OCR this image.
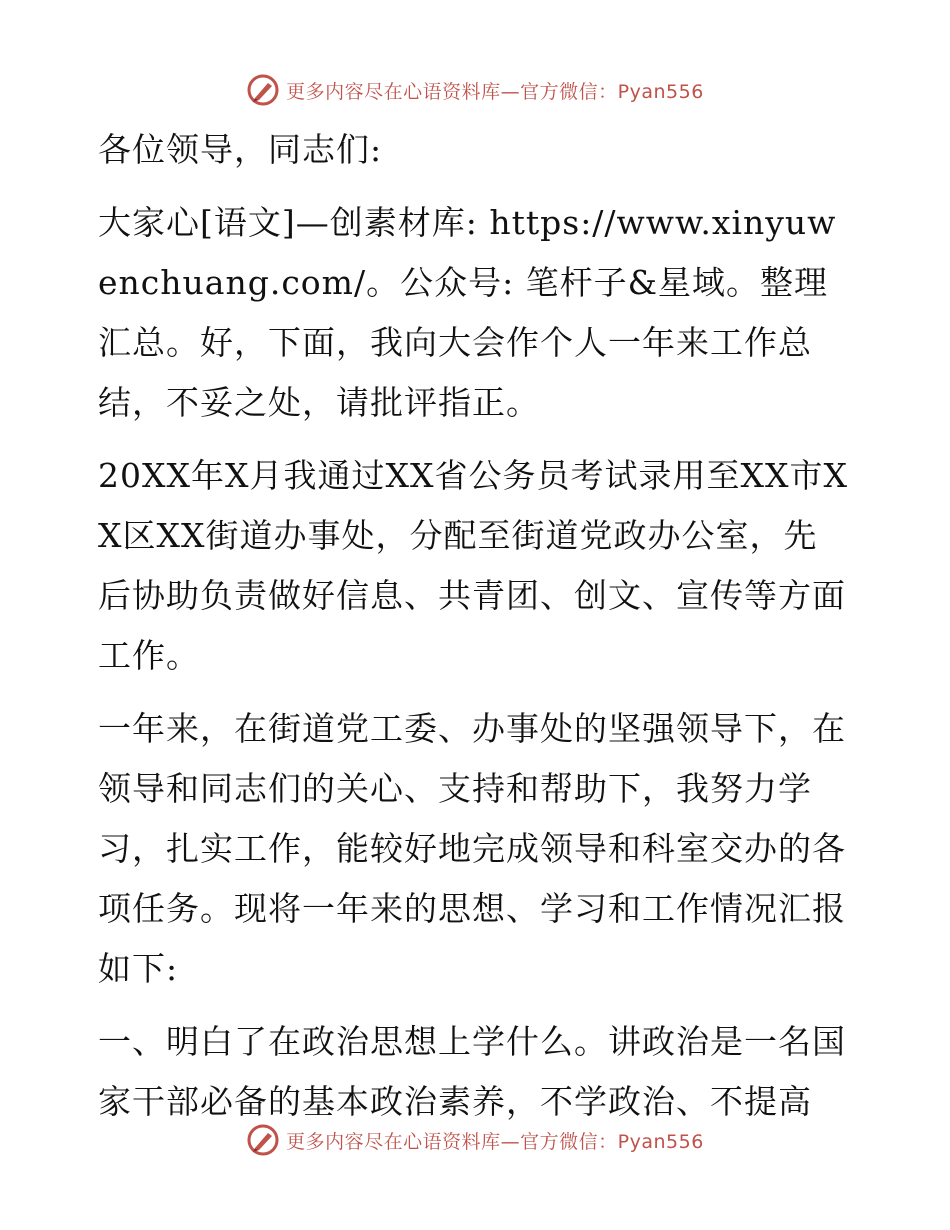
更多内容尽在心语资料库—官方微信：Pyan556

各位领导，同志们:

大家心[语文]—创素材库: https://www.xinyuwenchuang.com/。公众号: 笔杆子&星域。整理汇总。好，下面，我向大会作个人一年来工作总结，不妥之处，请批评指正。

20XX年X月我通过XX省公务员考试录用至XX市XX区XX街道办事处，分配至街道党政办公室，先后协助负责做好信息、共青团、创文、宣传等方面工作。

一年来，在街道党工委、办事处的坚强领导下，在领导和同志们的关心、支持和帮助下，我努力学习，扎实工作，能较好地完成领导和科室交办的各项任务。现将一年来的思想、学习和工作情况汇报如下:

一、明白了在政治思想上学什么。讲政治是一名国家干部必备的基本政治素养，不学政治、不提高

更多内容尽在心语资料库—官方微信：Pyan556
